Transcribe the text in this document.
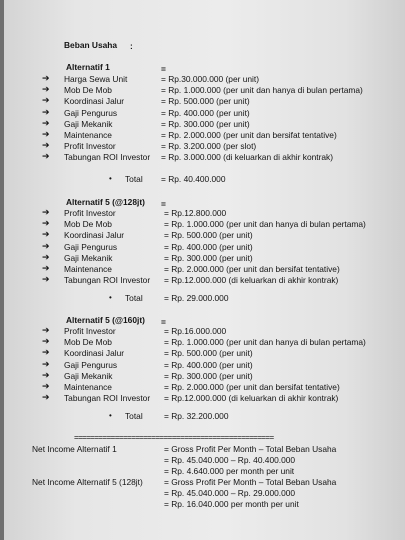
Beban Usaha :
Alternatif 1	=
➔ Harga Sewa Unit	= Rp.30.000.000 (per unit)
➔ Mob De Mob	= Rp. 1.000.000 (per unit dan hanya di bulan pertama)
➔ Koordinasi Jalur	= Rp. 500.000 (per unit)
➔ Gaji Pengurus	= Rp. 400.000 (per unit)
➔ Gaji Mekanik	= Rp. 300.000 (per unit)
➔ Maintenance	= Rp. 2.000.000 (per unit dan bersifat tentative)
➔ Profit Investor	= Rp. 3.200.000 (per slot)
➔ Tabungan ROI Investor = Rp. 3.000.000 (di keluarkan di akhir kontrak)
• Total = Rp. 40.400.000
Alternatif 5 (@128jt) =
➔ Profit Investor	= Rp.12.800.000
➔ Mob De Mob	= Rp. 1.000.000 (per unit dan hanya di bulan pertama)
➔ Koordinasi Jalur	= Rp. 500.000 (per unit)
➔ Gaji Pengurus	= Rp. 400.000 (per unit)
➔ Gaji Mekanik	= Rp. 300.000 (per unit)
➔ Maintenance	= Rp. 2.000.000 (per unit dan bersifat tentative)
➔ Tabungan ROI Investor = Rp.12.000.000 (di keluarkan di akhir kontrak)
• Total	= Rp. 29.000.000
Alternatif 5 (@160jt) =
➔ Profit Investor	= Rp.16.000.000
➔ Mob De Mob	= Rp. 1.000.000 (per unit dan hanya di bulan pertama)
➔ Koordinasi Jalur	= Rp. 500.000 (per unit)
➔ Gaji Pengurus	= Rp. 400.000 (per unit)
➔ Gaji Mekanik	= Rp. 300.000 (per unit)
➔ Maintenance	= Rp. 2.000.000 (per unit dan bersifat tentative)
➔ Tabungan ROI Investor = Rp.12.000.000 (di keluarkan di akhir kontrak)
• Total	= Rp. 32.200.000
=================================================
Net Income Alternatif 1	= Gross Profit Per Month – Total Beban Usaha
= Rp. 45.040.000 – Rp. 40.400.000
= Rp. 4.640.000 per month per unit
Net Income Alternatif 5 (128jt)	= Gross Profit Per Month – Total Beban Usaha
= Rp. 45.040.000 – Rp. 29.000.000
= Rp. 16.040.000 per month per unit
